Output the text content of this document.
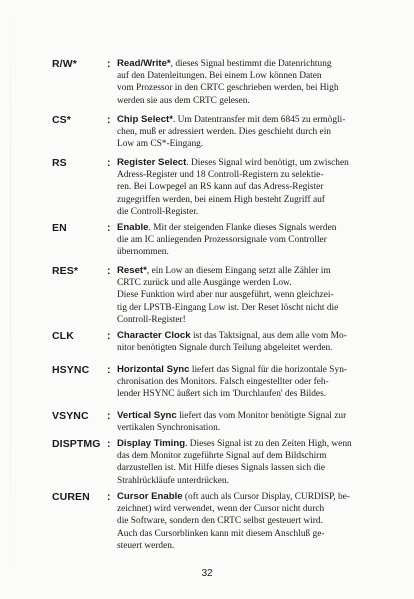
R/W*	: Read/Write*, dieses Signal bestimmt die Datenrichtung
auf den Datenleitungen. Bei einem Low können Daten
vom Prozessor in den CRTC geschrieben werden, bei High
werden sie aus dem CRTC gelesen.
CS*	: Chip Select*. Um Datentransfer mit dem 6845 zu ermögli-
chen, muß er adressiert werden. Dies geschieht durch ein
Low am CS*-Eingang.
RS	: Register Select. Dieses Signal wird benötigt, um zwischen
Adress-Register und 18 Controll-Registern zu selektie-
ren. Bei Lowpegel an RS kann auf das Adress-Register
zugegriffen werden, bei einem High besteht Zugriff auf
die Controll-Register.
EN	: Enable. Mit der steigenden Flanke dieses Signals werden
die am IC anliegenden Prozessorsignale vom Controller
übernommen.
RES*	: Reset*, ein Low an diesem Eingang setzt alle Zähler im
CRTC zurück und alle Ausgänge werden Low.
Diese Funktion wird aber nur ausgeführt, wenn gleichzei-
tig der LPSTB-Eingang Low ist. Der Reset löscht nicht die
Controll-Register!
CLK	: Character Clock ist das Taktsignal, aus dem alle vom Mo-
nitor benötigten Signale durch Teilung abgeleitet werden.
HSYNC : Horizontal Sync liefert das Signal für die horizontale Syn-
chronisation des Monitors. Falsch eingestellter oder feh-
lender HSYNC äußert sich im 'Durchlaufen' des Bildes.
VSYNC : Vertical Sync liefert das vom Monitor benötigte Signal zur
vertikalen Synchronisation.
DISPTMG : Display Timing. Dieses Signal ist zu den Zeiten High, wenn
das dem Monitor zugeführte Signal auf dem Bildschirm
darzustellen ist. Mit Hilfe dieses Signals lassen sich die
Strahlrückläufe unterdrücken.
CUREN : Cursor Enable (oft auch als Cursor Display, CURDISP, be-
zeichnet) wird verwendet, wenn der Cursor nicht durch
die Software, sondern den CRTC selbst gesteuert wird.
Auch das Cursorblinken kann mit diesem Anschluß ge-
steuert werden.
32
